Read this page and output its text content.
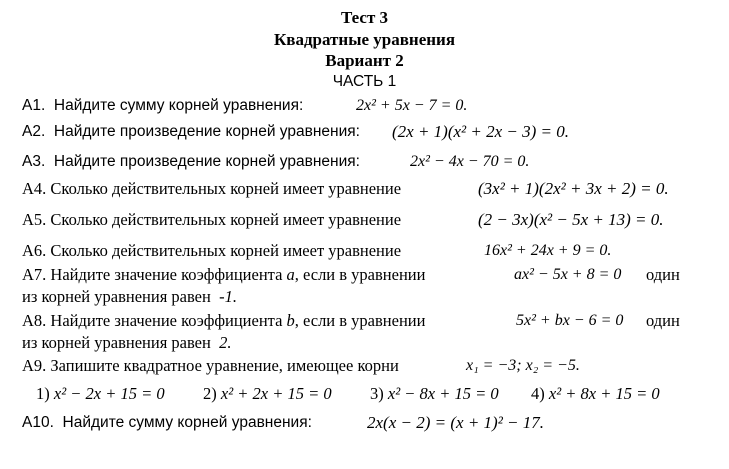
Тест 3
Квадратные уравнения
Вариант 2
ЧАСТЬ 1
А1. Найдите сумму корней уравнения:	2x² + 5x − 7 = 0.
А2. Найдите произведение корней уравнения: (2x + 1)(x² + 2x − 3) = 0.
А3. Найдите произведение корней уравнения:	2x² − 4x − 70 = 0.
А4. Сколько действительных корней имеет уравнение	(3x² + 1)(2x² + 3x + 2) = 0.
А5. Сколько действительных корней имеет уравнение	(2 − 3x)(x² − 5x + 13) = 0.
А6. Сколько действительных корней имеет уравнение	16x² + 24x + 9 = 0.
А7. Найдите значение коэффициента a, если в уравнении	ax² − 5x + 8 = 0 один
из корней уравнения равен -1.
А8. Найдите значение коэффициента b, если в уравнении	5x² + bx − 6 = 0 один
из корней уравнения равен 2.
А9. Запишите квадратное уравнение, имеющее корни	x₁ = −3; x₂ = −5.
1) x² − 2x + 15 = 0 2) x² + 2x + 15 = 0 3) x² − 8x + 15 = 0 4) x² + 8x + 15 = 0
А10. Найдите сумму корней уравнения:	2x(x − 2) = (x + 1)² − 17.
